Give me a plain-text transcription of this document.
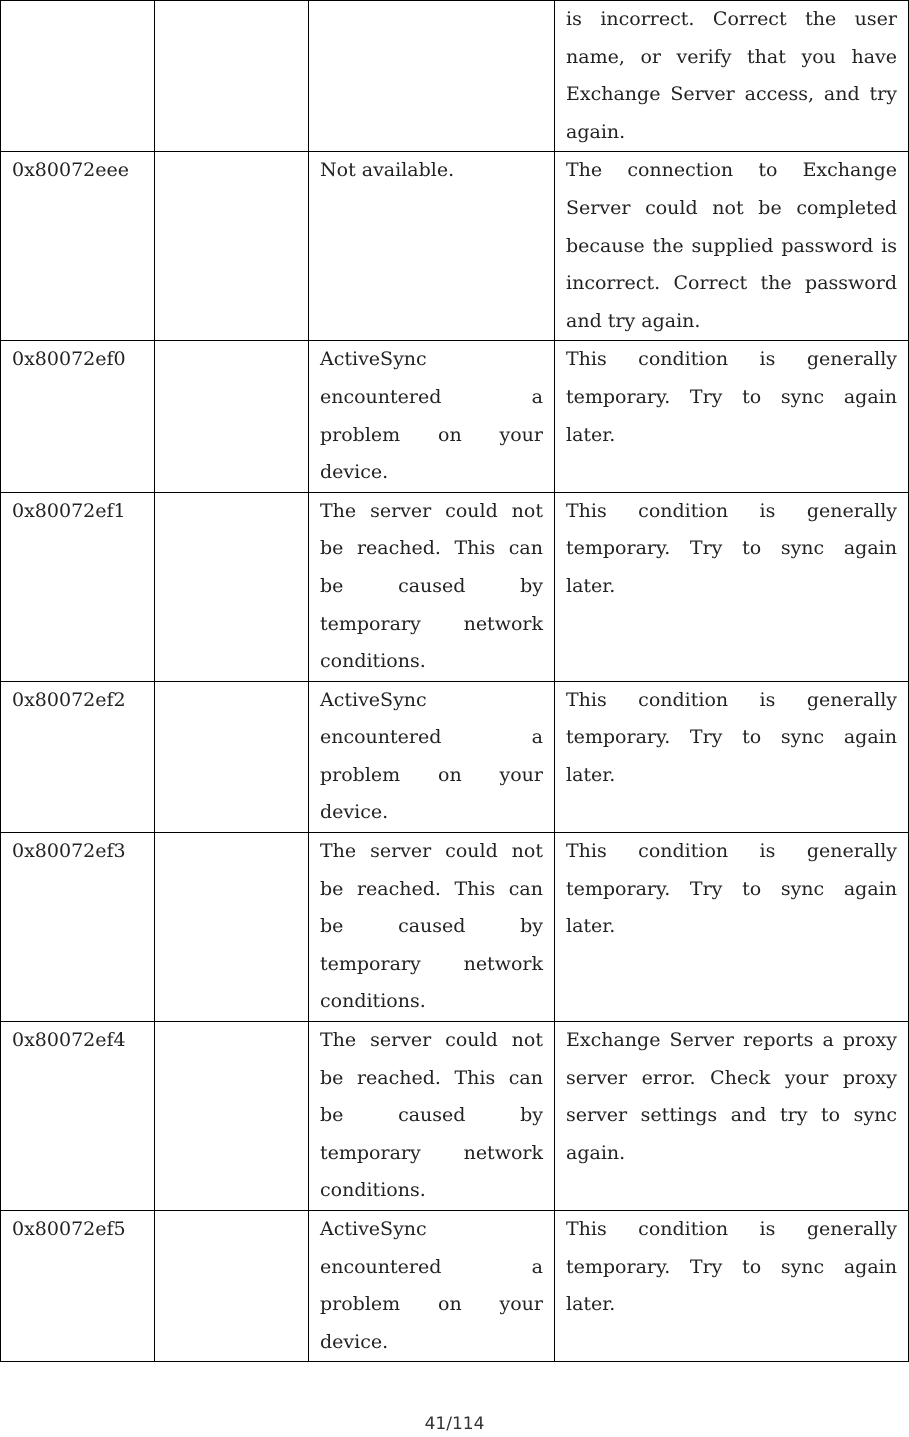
			is incorrect. Correct the user name, or verify that you have Exchange Server access, and try again.
0x80072eee		Not available.	The connection to Exchange Server could not be completed because the supplied password is incorrect. Correct the password and try again.
0x80072ef0		ActiveSync encountered a problem on your device.	This condition is generally temporary. Try to sync again later.
0x80072ef1		The server could not be reached. This can be caused by temporary network conditions.	This condition is generally temporary. Try to sync again later.
0x80072ef2		ActiveSync encountered a problem on your device.	This condition is generally temporary. Try to sync again later.
0x80072ef3		The server could not be reached. This can be caused by temporary network conditions.	This condition is generally temporary. Try to sync again later.
0x80072ef4		The server could not be reached. This can be caused by temporary network conditions.	Exchange Server reports a proxy server error. Check your proxy server settings and try to sync again.
0x80072ef5		ActiveSync encountered a problem on your device.	This condition is generally temporary. Try to sync again later.
41/114
